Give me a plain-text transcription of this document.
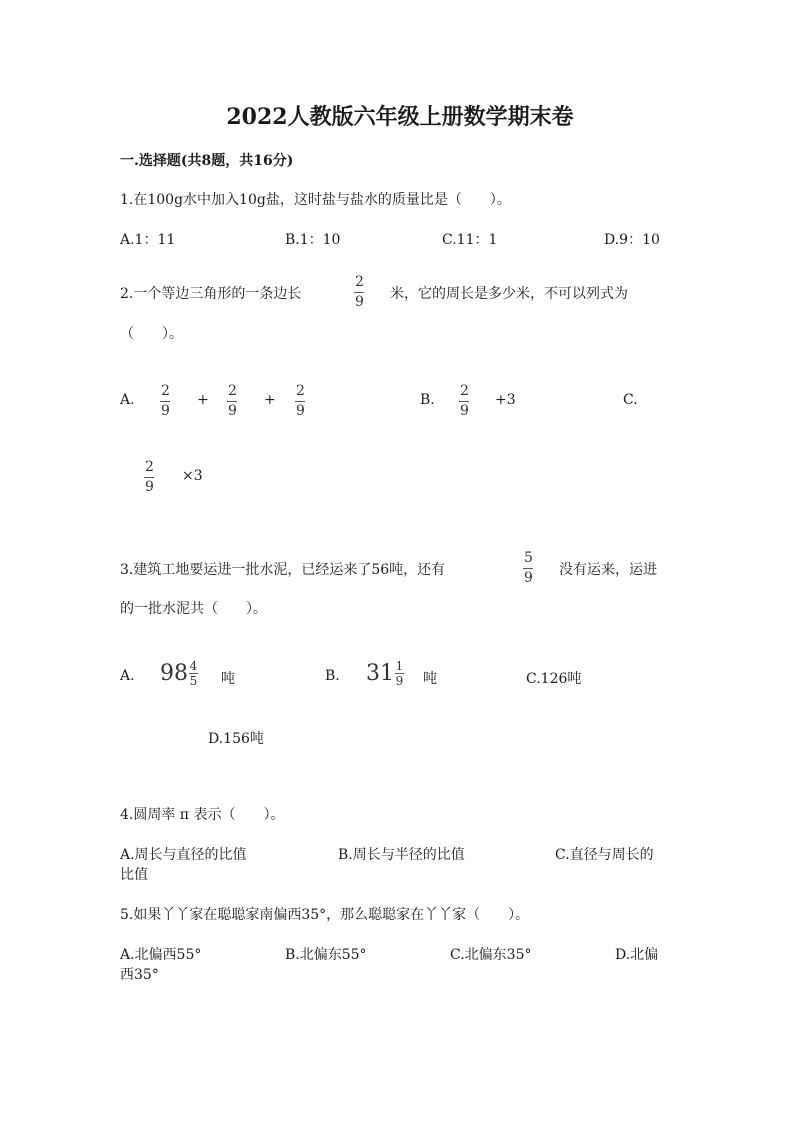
2022人教版六年级上册数学期末卷
一.选择题(共8题，共16分)
1.在100g水中加入10g盐，这时盐与盐水的质量比是（　　）。
A.1：11	B.1：10	C.11：1	D.9：10
2.一个等边三角形的一条边长
2
9 米，它的周长是多少米，不可以列式为
（　　）。
A.
2
9
+
2
9
+
2
9
B.
2
9
+3	C.
2
9
×3
3.建筑工地要运进一批水泥，已经运来了56吨，还有
5
9 没有运来，运进
的一批水泥共（　　）。
A. 98 4
5 吨	B. 31 1
9 吨	C.126吨
D.156吨
4.圆周率 π 表示（　　）。
A.周长与直径的比值	B.周长与半径的比值	C.直径与周长的
比值
5.如果丫丫家在聪聪家南偏西35°，那么聪聪家在丫丫家（　　）。
A.北偏西55°	B.北偏东55°	C.北偏东35°	D.北偏
西35°
